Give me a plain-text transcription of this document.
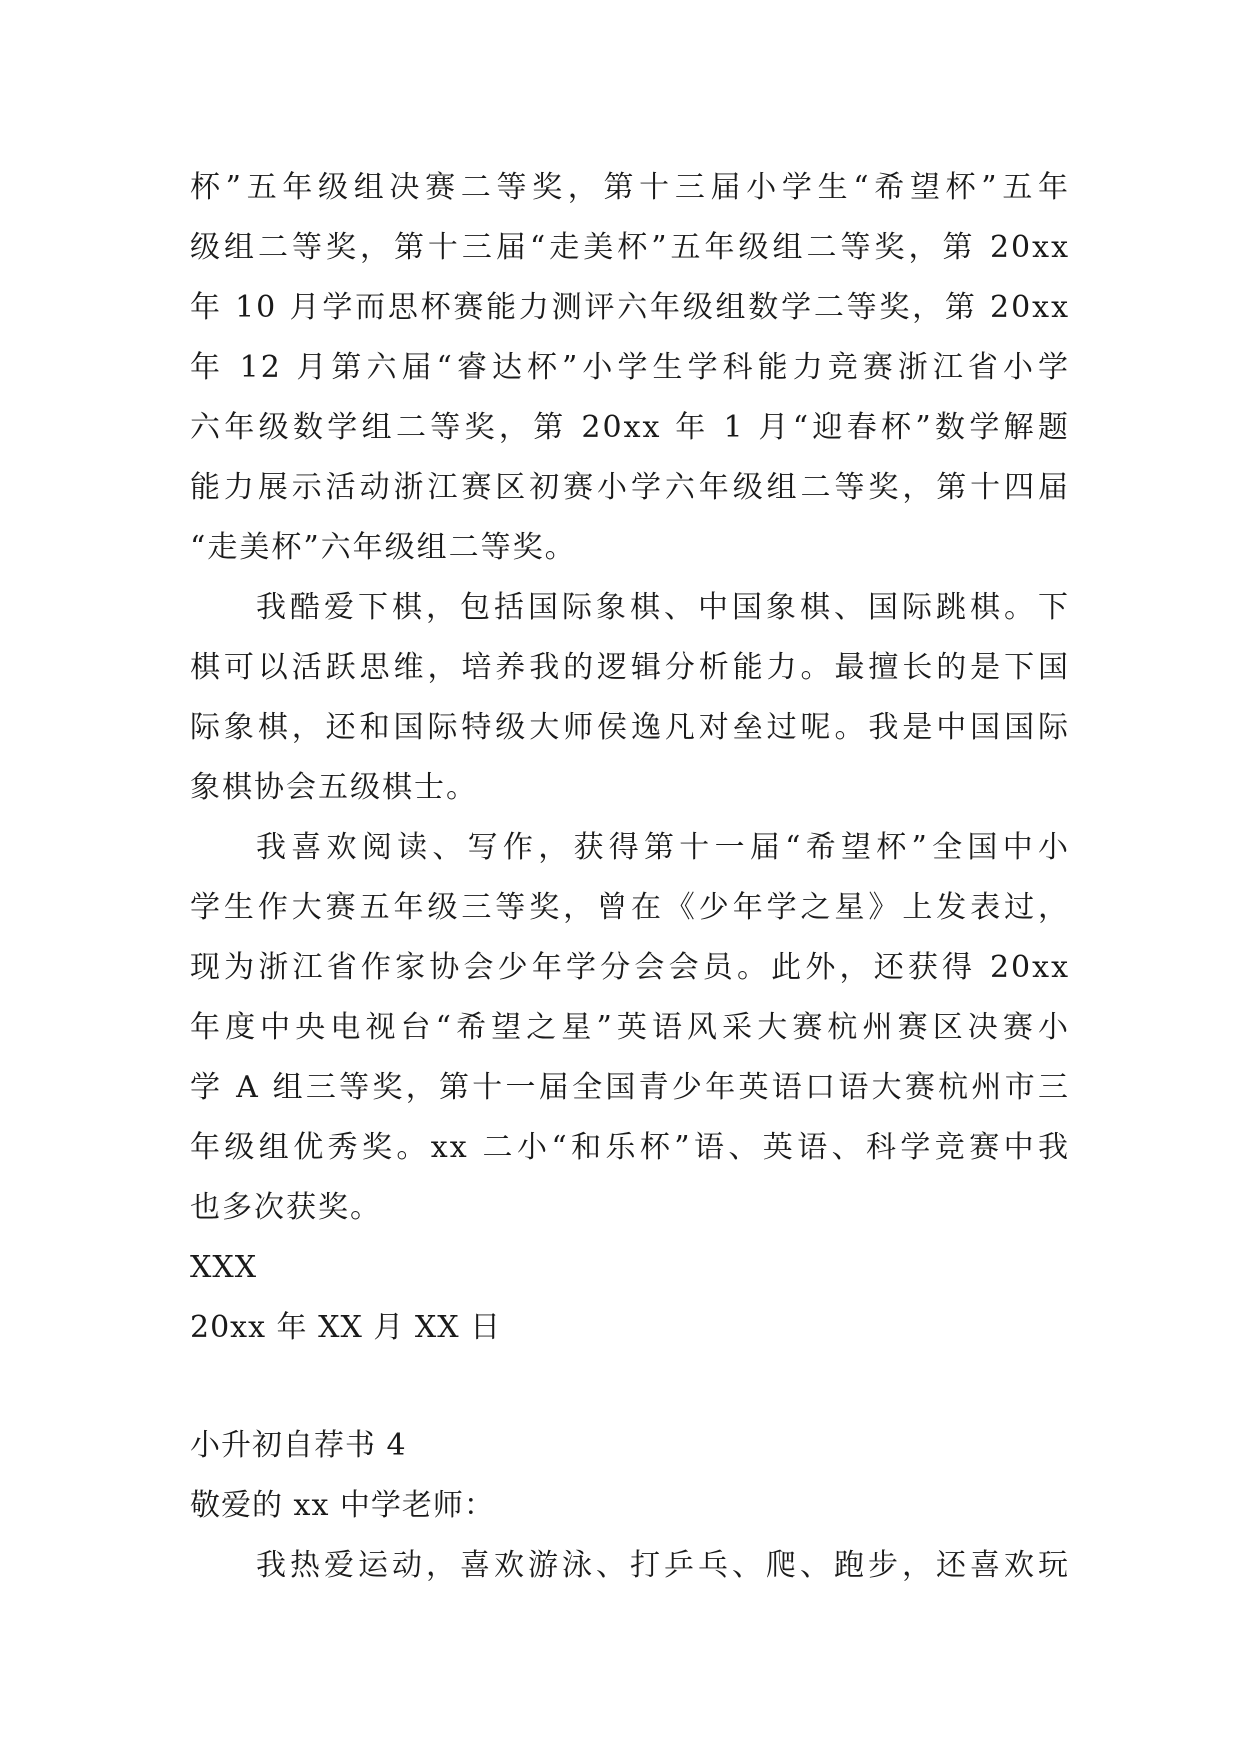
杯”五年级组决赛二等奖，第十三届小学生“希望杯”五年
级组二等奖，第十三届“走美杯”五年级组二等奖，第 20xx
年 10 月学而思杯赛能力测评六年级组数学二等奖，第 20xx
年 12 月第六届“睿达杯”小学生学科能力竞赛浙江省小学
六年级数学组二等奖，第 20xx 年 1 月“迎春杯”数学解题
能力展示活动浙江赛区初赛小学六年级组二等奖，第十四届
“走美杯”六年级组二等奖。
我酷爱下棋，包括国际象棋、中国象棋、国际跳棋。下
棋可以活跃思维，培养我的逻辑分析能力。最擅长的是下国
际象棋，还和国际特级大师侯逸凡对垒过呢。我是中国国际
象棋协会五级棋士。
我喜欢阅读、写作，获得第十一届“希望杯”全国中小
学生作大赛五年级三等奖，曾在《少年学之星》上发表过，
现为浙江省作家协会少年学分会会员。此外，还获得 20xx
年度中央电视台“希望之星”英语风采大赛杭州赛区决赛小
学 A 组三等奖，第十一届全国青少年英语口语大赛杭州市三
年级组优秀奖。xx 二小“和乐杯”语、英语、科学竞赛中我
也多次获奖。
XXX
20xx 年 XX 月 XX 日
小升初自荐书 4
敬爱的 xx 中学老师：
我热爱运动，喜欢游泳、打乒乓、爬、跑步，还喜欢玩
